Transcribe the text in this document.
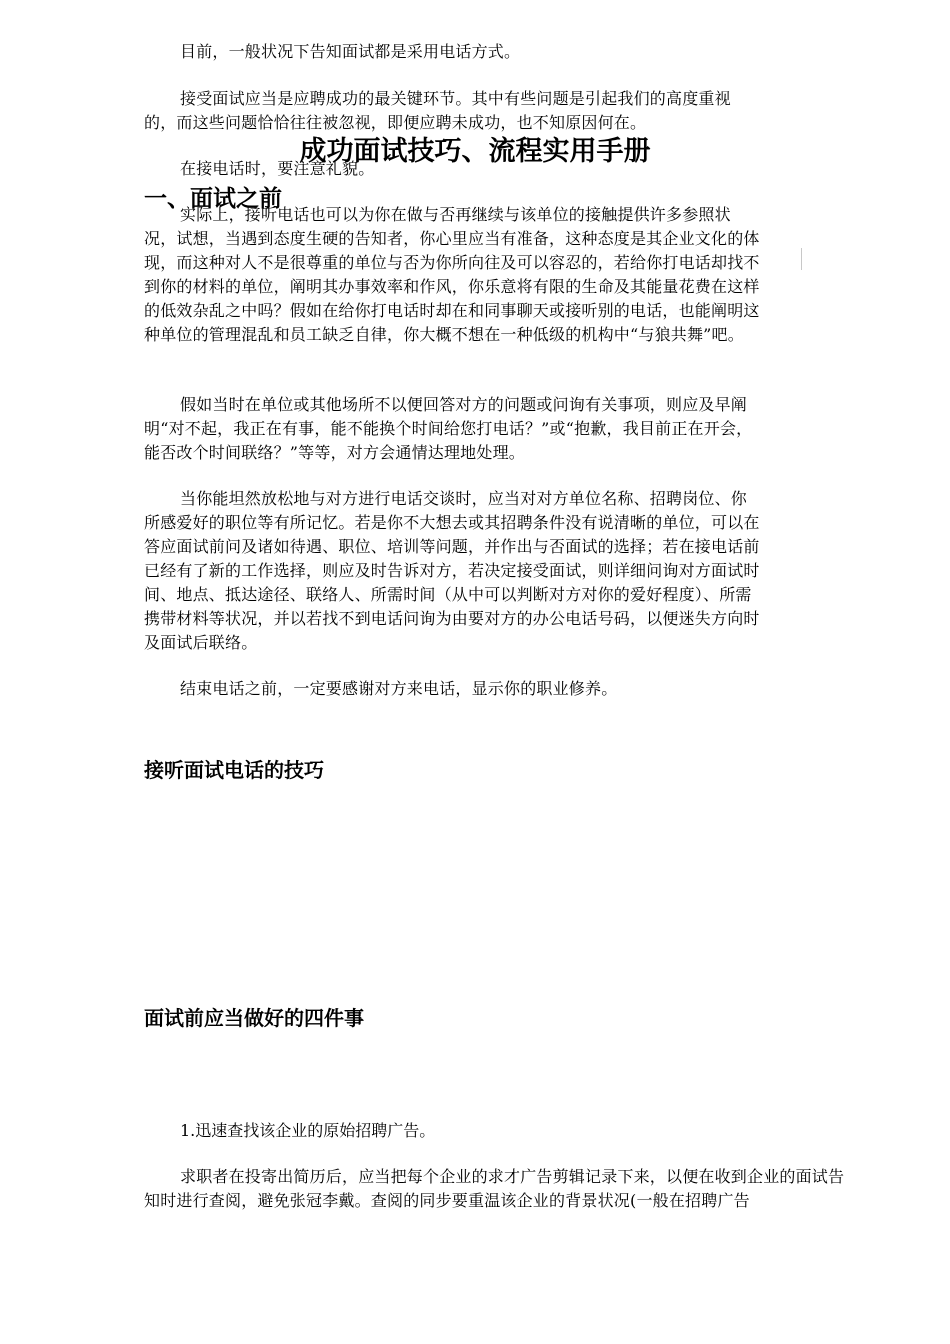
目前，一般状况下告知面试都是采用电话方式。

接受面试应当是应聘成功的最关键环节。其中有些问题是引起我们的高度重视的，而这些问题恰恰往往被忽视，即便应聘未成功，也不知原因何在。

在接电话时，要注意礼貌。

成功面试技巧、流程实用手册
一、面试之前

实际上，接听电话也可以为你在做与否再继续与该单位的接触提供许多参照状况，试想，当遇到态度生硬的告知者，你心里应当有准备，这种态度是其企业文化的体现，而这种对人不是很尊重的单位与否为你所向往及可以容忍的，若给你打电话却找不到你的材料的单位，阐明其办事效率和作风，你乐意将有限的生命及其能量花费在这样的低效杂乱之中吗？假如在给你打电话时却在和同事聊天或接听别的电话，也能阐明这种单位的管理混乱和员工缺乏自律，你大概不想在一种低级的机构中“与狼共舞”吧。

假如当时在单位或其他场所不以便回答对方的问题或问询有关事项，则应及早阐明“对不起，我正在有事，能不能换个时间给您打电话？”或“抱歉，我目前正在开会，能否改个时间联络？”等等，对方会通情达理地处理。

当你能坦然放松地与对方进行电话交谈时，应当对对方单位名称、招聘岗位、你所感爱好的职位等有所记忆。若是你不大想去或其招聘条件没有说清晰的单位，可以在答应面试前问及诸如待遇、职位、培训等问题，并作出与否面试的选择；若在接电话前已经有了新的工作选择，则应及时告诉对方，若决定接受面试，则详细问询对方面试时间、地点、抵达途径、联络人、所需时间（从中可以判断对方对你的爱好程度）、所需携带材料等状况，并以若找不到电话问询为由要对方的办公电话号码，以便迷失方向时及面试后联络。

结束电话之前，一定要感谢对方来电话，显示你的职业修养。

接听面试电话的技巧
面试前应当做好的四件事

1.迅速查找该企业的原始招聘广告。

求职者在投寄出简历后，应当把每个企业的求才广告剪辑记录下来，以便在收到企业的面试告知时进行查阅，避免张冠李戴。查阅的同步要重温该企业的背景状况(一般在招聘广告
